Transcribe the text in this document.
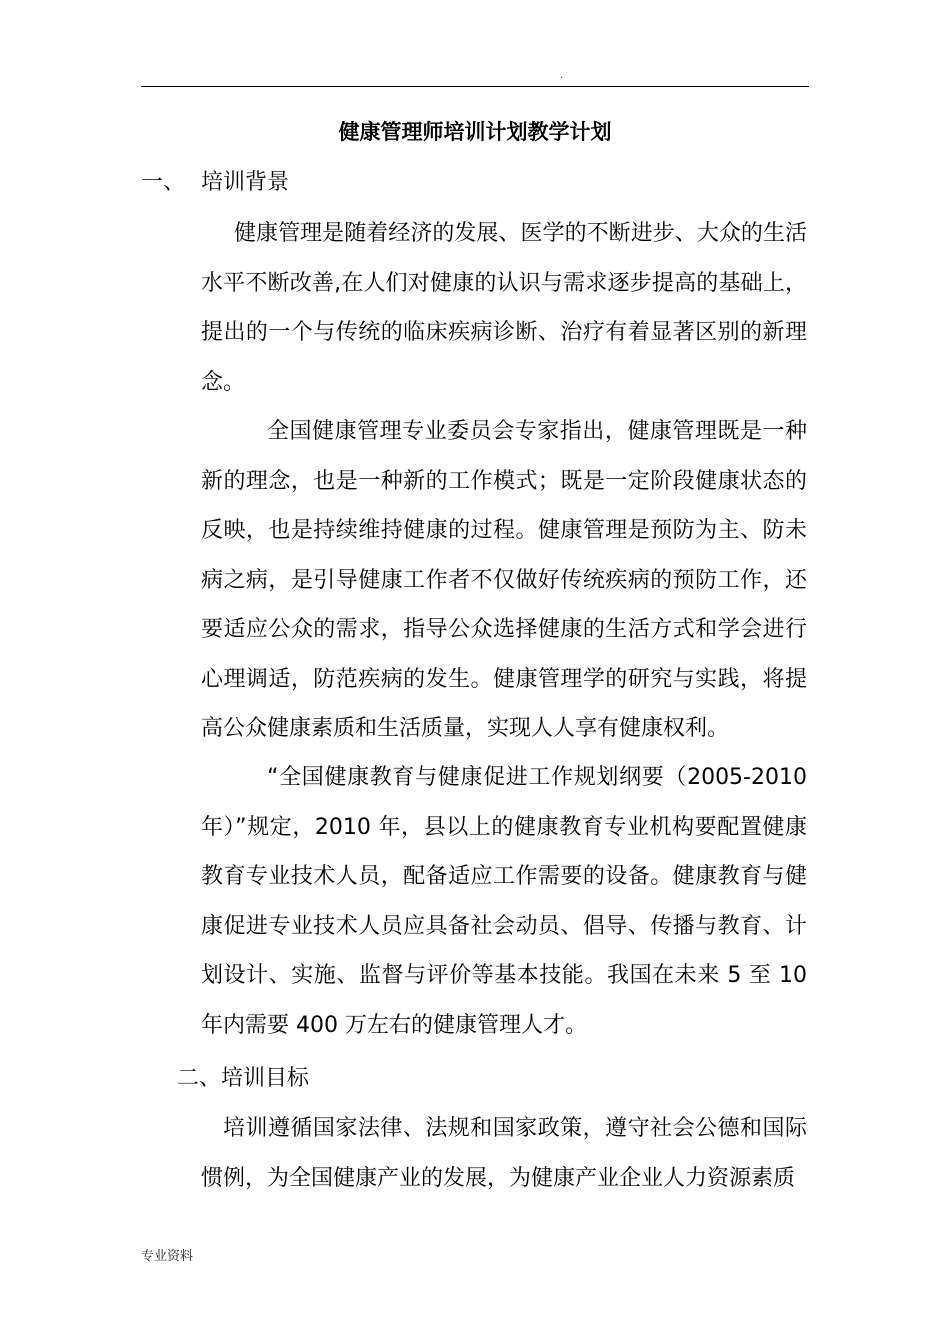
.
健康管理师培训计划教学计划
一、 培训背景

健康管理是随着经济的发展、医学的不断进步、大众的生活水平不断改善,在人们对健康的认识与需求逐步提高的基础上，提出的一个与传统的临床疾病诊断、治疗有着显著区别的新理念。

全国健康管理专业委员会专家指出，健康管理既是一种新的理念，也是一种新的工作模式；既是一定阶段健康状态的反映，也是持续维持健康的过程。健康管理是预防为主、防未病之病，是引导健康工作者不仅做好传统疾病的预防工作，还要适应公众的需求，指导公众选择健康的生活方式和学会进行心理调适，防范疾病的发生。健康管理学的研究与实践，将提高公众健康素质和生活质量，实现人人享有健康权利。

“全国健康教育与健康促进工作规划纲要（2005-2010年）”规定，2010 年，县以上的健康教育专业机构要配置健康教育专业技术人员，配备适应工作需要的设备。健康教育与健康促进专业技术人员应具备社会动员、倡导、传播与教育、计划设计、实施、监督与评价等基本技能。我国在未来 5 至 10年内需要 400 万左右的健康管理人才。

二、培训目标

培训遵循国家法律、法规和国家政策，遵守社会公德和国际惯例，为全国健康产业的发展，为健康产业企业人力资源素质

专业资料
